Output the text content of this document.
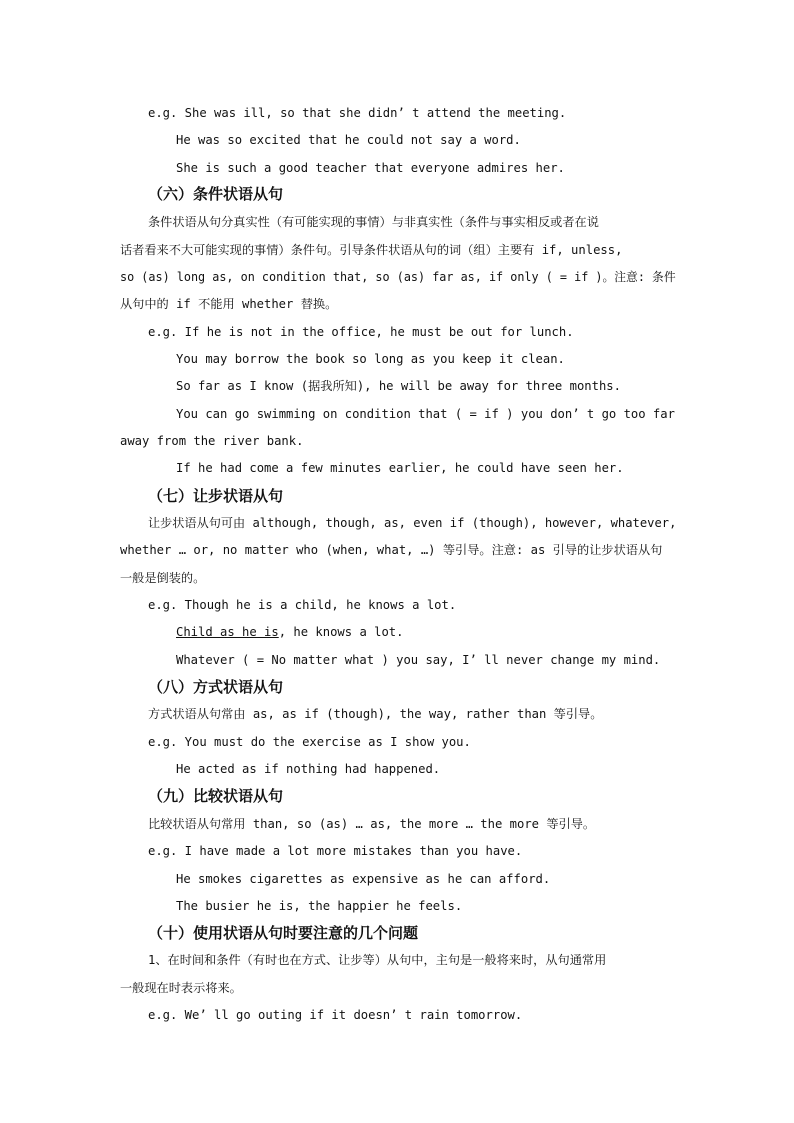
e.g. She was ill, so that she didn’ t attend the meeting.
He was so excited that he could not say a word.
She is such a good teacher that everyone admires her.
（六）条件状语从句
条件状语从句分真实性（有可能实现的事情）与非真实性（条件与事实相反或者在说
话者看来不大可能实现的事情）条件句。引导条件状语从句的词（组）主要有 if, unless,
so (as) long as, on condition that, so (as) far as, if only ( = if )。注意: 条件
从句中的 if 不能用 whether 替换。
e.g. If he is not in the office, he must be out for lunch.
You may borrow the book so long as you keep it clean.
So far as I know (据我所知), he will be away for three months.
You can go swimming on condition that ( = if ) you don’ t go too far
away from the river bank.
If he had come a few minutes earlier, he could have seen her.
（七）让步状语从句
让步状语从句可由 although, though, as, even if (though), however, whatever,
whether … or, no matter who (when, what, …) 等引导。注意: as 引导的让步状语从句
一般是倒装的。
e.g. Though he is a child, he knows a lot.
Child as he is, he knows a lot.
Whatever ( = No matter what ) you say, I’ ll never change my mind.
（八）方式状语从句
方式状语从句常由 as, as if (though), the way, rather than 等引导。
e.g. You must do the exercise as I show you.
He acted as if nothing had happened.
（九）比较状语从句
比较状语从句常用 than, so (as) … as, the more … the more 等引导。
e.g. I have made a lot more mistakes than you have.
He smokes cigarettes as expensive as he can afford.
The busier he is, the happier he feels.
（十）使用状语从句时要注意的几个问题
1、在时间和条件（有时也在方式、让步等）从句中，主句是一般将来时，从句通常用
一般现在时表示将来。
e.g. We’ ll go outing if it doesn’ t rain tomorrow.
